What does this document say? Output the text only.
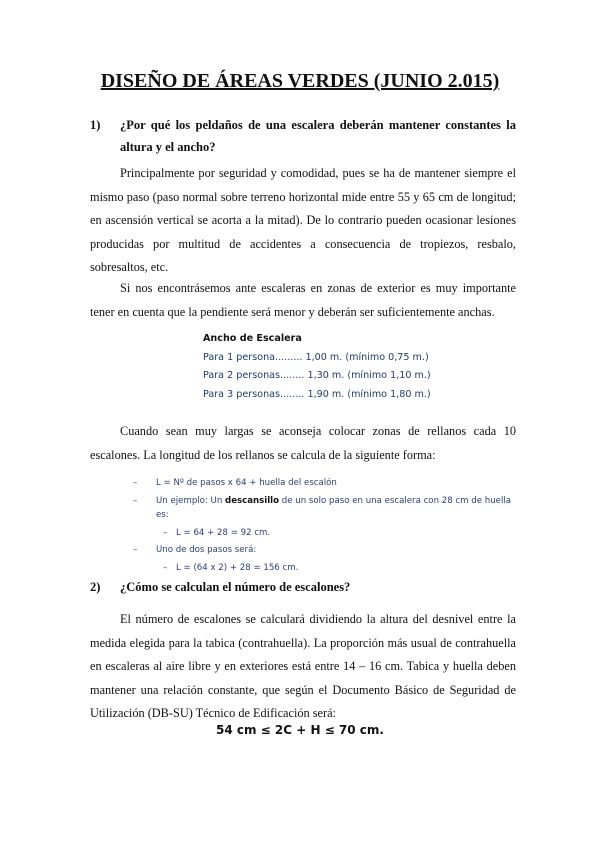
DISEÑO DE ÁREAS VERDES (JUNIO 2.015)
1) ¿Por qué los peldaños de una escalera deberán mantener constantes la altura y el ancho?
Principalmente por seguridad y comodidad, pues se ha de mantener siempre el mismo paso (paso normal sobre terreno horizontal mide entre 55 y 65 cm de longitud; en ascensión vertical se acorta a la mitad). De lo contrario pueden ocasionar lesiones producidas por multitud de accidentes a consecuencia de tropiezos, resbalo, sobresaltos, etc.
Si nos encontrásemos ante escaleras en zonas de exterior es muy importante tener en cuenta que la pendiente será menor y deberán ser suficientemente anchas.
Ancho de Escalera
Para 1 persona......... 1,00 m. (mínimo 0,75 m.)
Para 2 personas........ 1,30 m. (mínimo 1,10 m.)
Para 3 personas........ 1,90 m. (mínimo 1,80 m.)
Cuando sean muy largas se aconseja colocar zonas de rellanos cada 10 escalones. La longitud de los rellanos se calcula de la siguiente forma:
– L = Nº de pasos x 64 + huella del escalón
– Un ejemplo: Un descansillo de un solo paso en una escalera con 28 cm de huella es:
– L = 64 + 28 = 92 cm.
– Uno de dos pasos será:
– L = (64 x 2) + 28 = 156 cm.
2) ¿Cómo se calculan el número de escalones?
El número de escalones se calculará dividiendo la altura del desnivel entre la medida elegida para la tabica (contrahuella). La proporción más usual de contrahuella en escaleras al aire libre y en exteriores está entre 14 – 16 cm. Tabica y huella deben mantener una relación constante, que según el Documento Básico de Seguridad de Utilización (DB-SU) Técnico de Edificación será:
54 cm ≤ 2C + H ≤ 70 cm.
